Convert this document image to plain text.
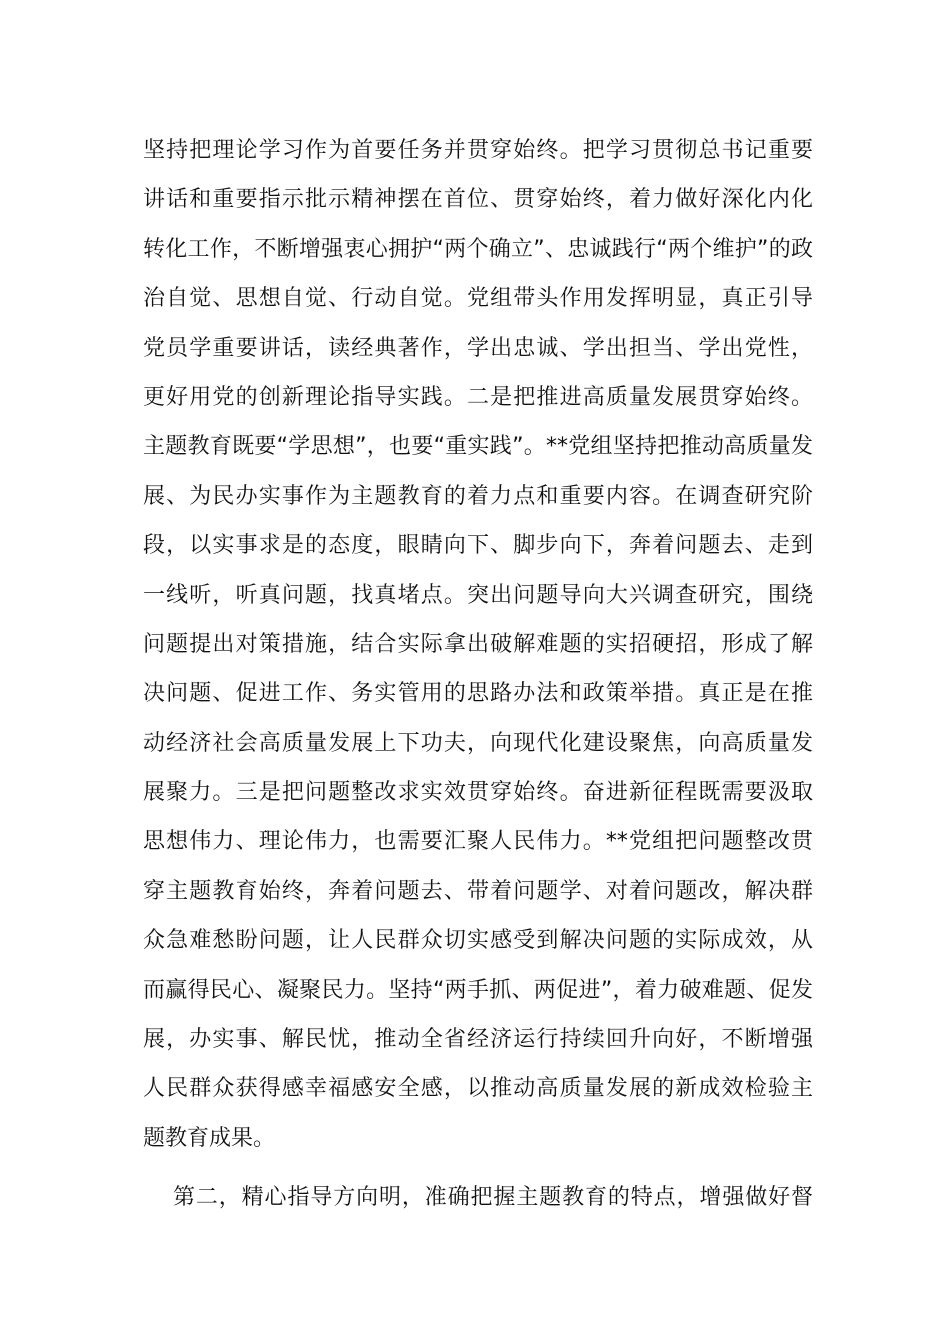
坚持把理论学习作为首要任务并贯穿始终。把学习贯彻总书记重要
讲话和重要指示批示精神摆在首位、贯穿始终，着力做好深化内化
转化工作，不断增强衷心拥护“两个确立”、忠诚践行“两个维护”的政
治自觉、思想自觉、行动自觉。党组带头作用发挥明显，真正引导
党员学重要讲话，读经典著作，学出忠诚、学出担当、学出党性，
更好用党的创新理论指导实践。二是把推进高质量发展贯穿始终。
主题教育既要“学思想”，也要“重实践”。**党组坚持把推动高质量发
展、为民办实事作为主题教育的着力点和重要内容。在调查研究阶
段，以实事求是的态度，眼睛向下、脚步向下，奔着问题去、走到
一线听，听真问题，找真堵点。突出问题导向大兴调查研究，围绕
问题提出对策措施，结合实际拿出破解难题的实招硬招，形成了解
决问题、促进工作、务实管用的思路办法和政策举措。真正是在推
动经济社会高质量发展上下功夫，向现代化建设聚焦，向高质量发
展聚力。三是把问题整改求实效贯穿始终。奋进新征程既需要汲取
思想伟力、理论伟力，也需要汇聚人民伟力。**党组把问题整改贯
穿主题教育始终，奔着问题去、带着问题学、对着问题改，解决群
众急难愁盼问题，让人民群众切实感受到解决问题的实际成效，从
而赢得民心、凝聚民力。坚持“两手抓、两促进”，着力破难题、促发
展，办实事、解民忧，推动全省经济运行持续回升向好，不断增强
人民群众获得感幸福感安全感，以推动高质量发展的新成效检验主
题教育成果。
第二，精心指导方向明，准确把握主题教育的特点，增强做好督
